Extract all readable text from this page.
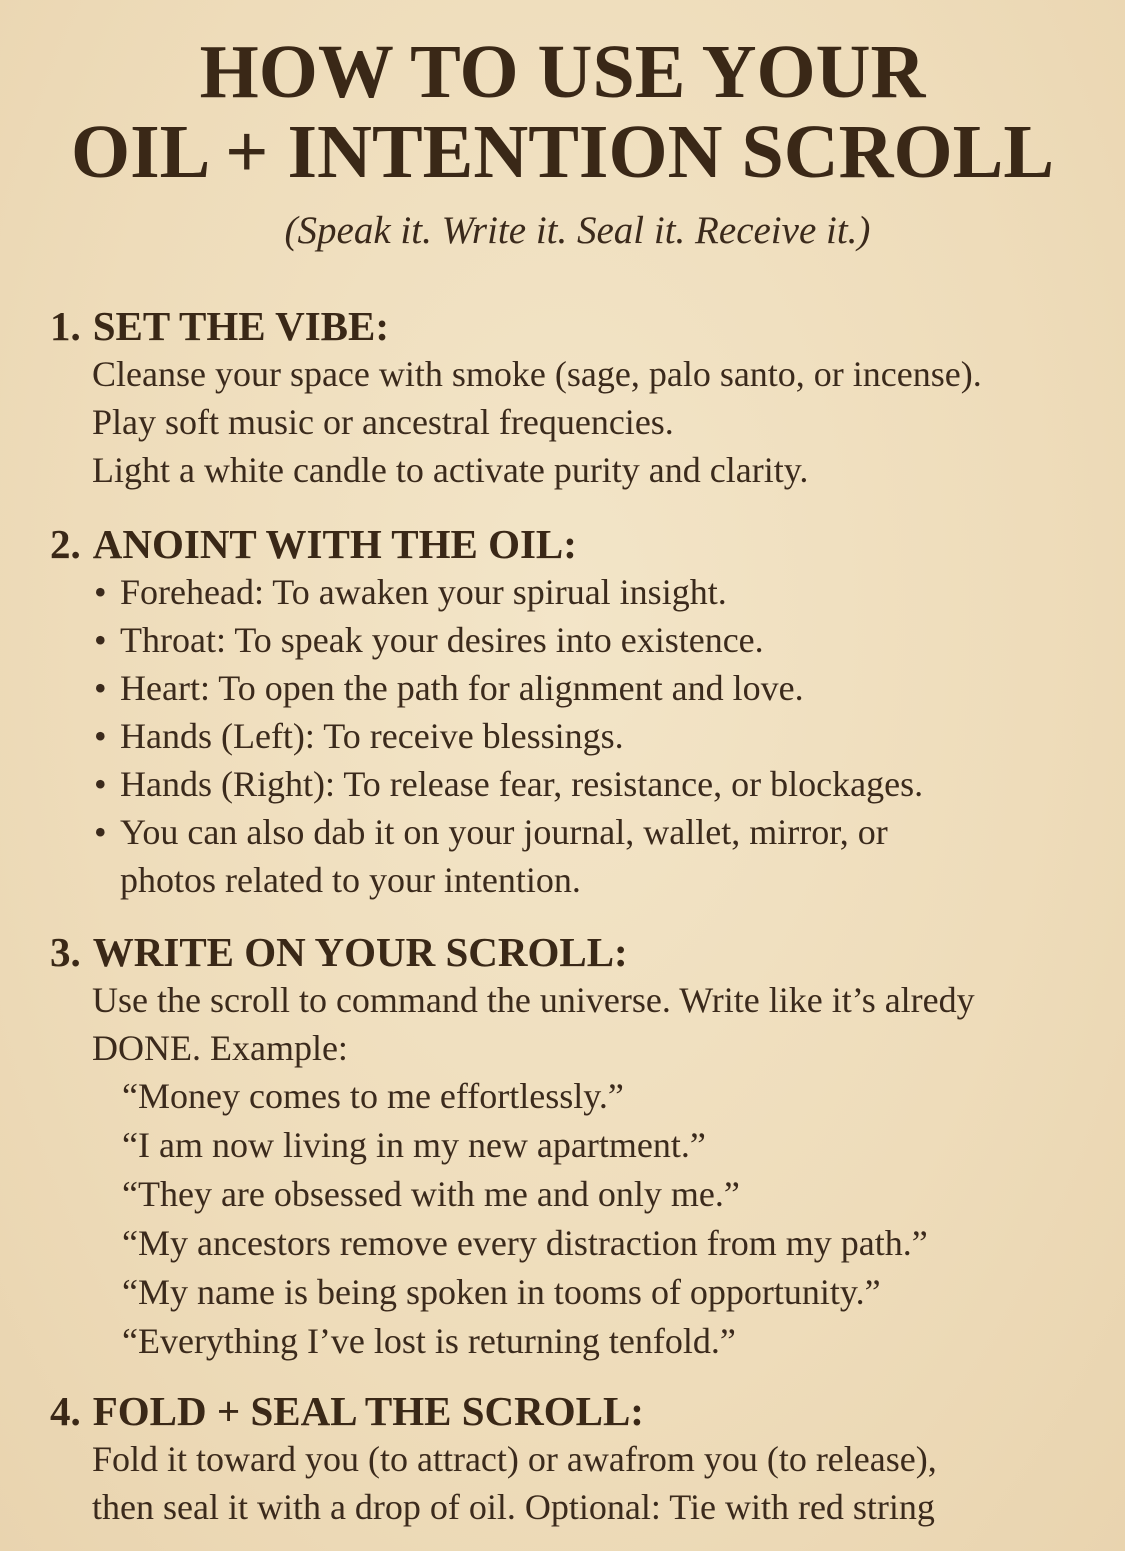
HOW TO USE YOUR
OIL + INTENTION SCROLL
(Speak it. Write it. Seal it. Receive it.)
1. SET THE VIBE:
Cleanse your space with smoke (sage, palo santo, or incense).
Play soft music or ancestral frequencies.
Light a white candle to activate purity and clarity.
2. ANOINT WITH THE OIL:
• Forehead: To awaken your spirual insight.
• Throat: To speak your desires into existence.
• Heart: To open the path for alignment and love.
• Hands (Left): To receive blessings.
• Hands (Right): To release fear, resistance, or blockages.
• You can also dab it on your journal, wallet, mirror, or
photos related to your intention.
3. WRITE ON YOUR SCROLL:
Use the scroll to command the universe. Write like it’s alredy
DONE. Example:
“Money comes to me effortlessly.”
“I am now living in my new apartment.”
“They are obsessed with me and only me.”
“My ancestors remove every distraction from my path.”
“My name is being spoken in tooms of opportunity.”
“Everything I’ve lost is returning tenfold.”
4. FOLD + SEAL THE SCROLL:
Fold it toward you (to attract) or awafrom you (to release),
then seal it with a drop of oil. Optional: Tie with red string
